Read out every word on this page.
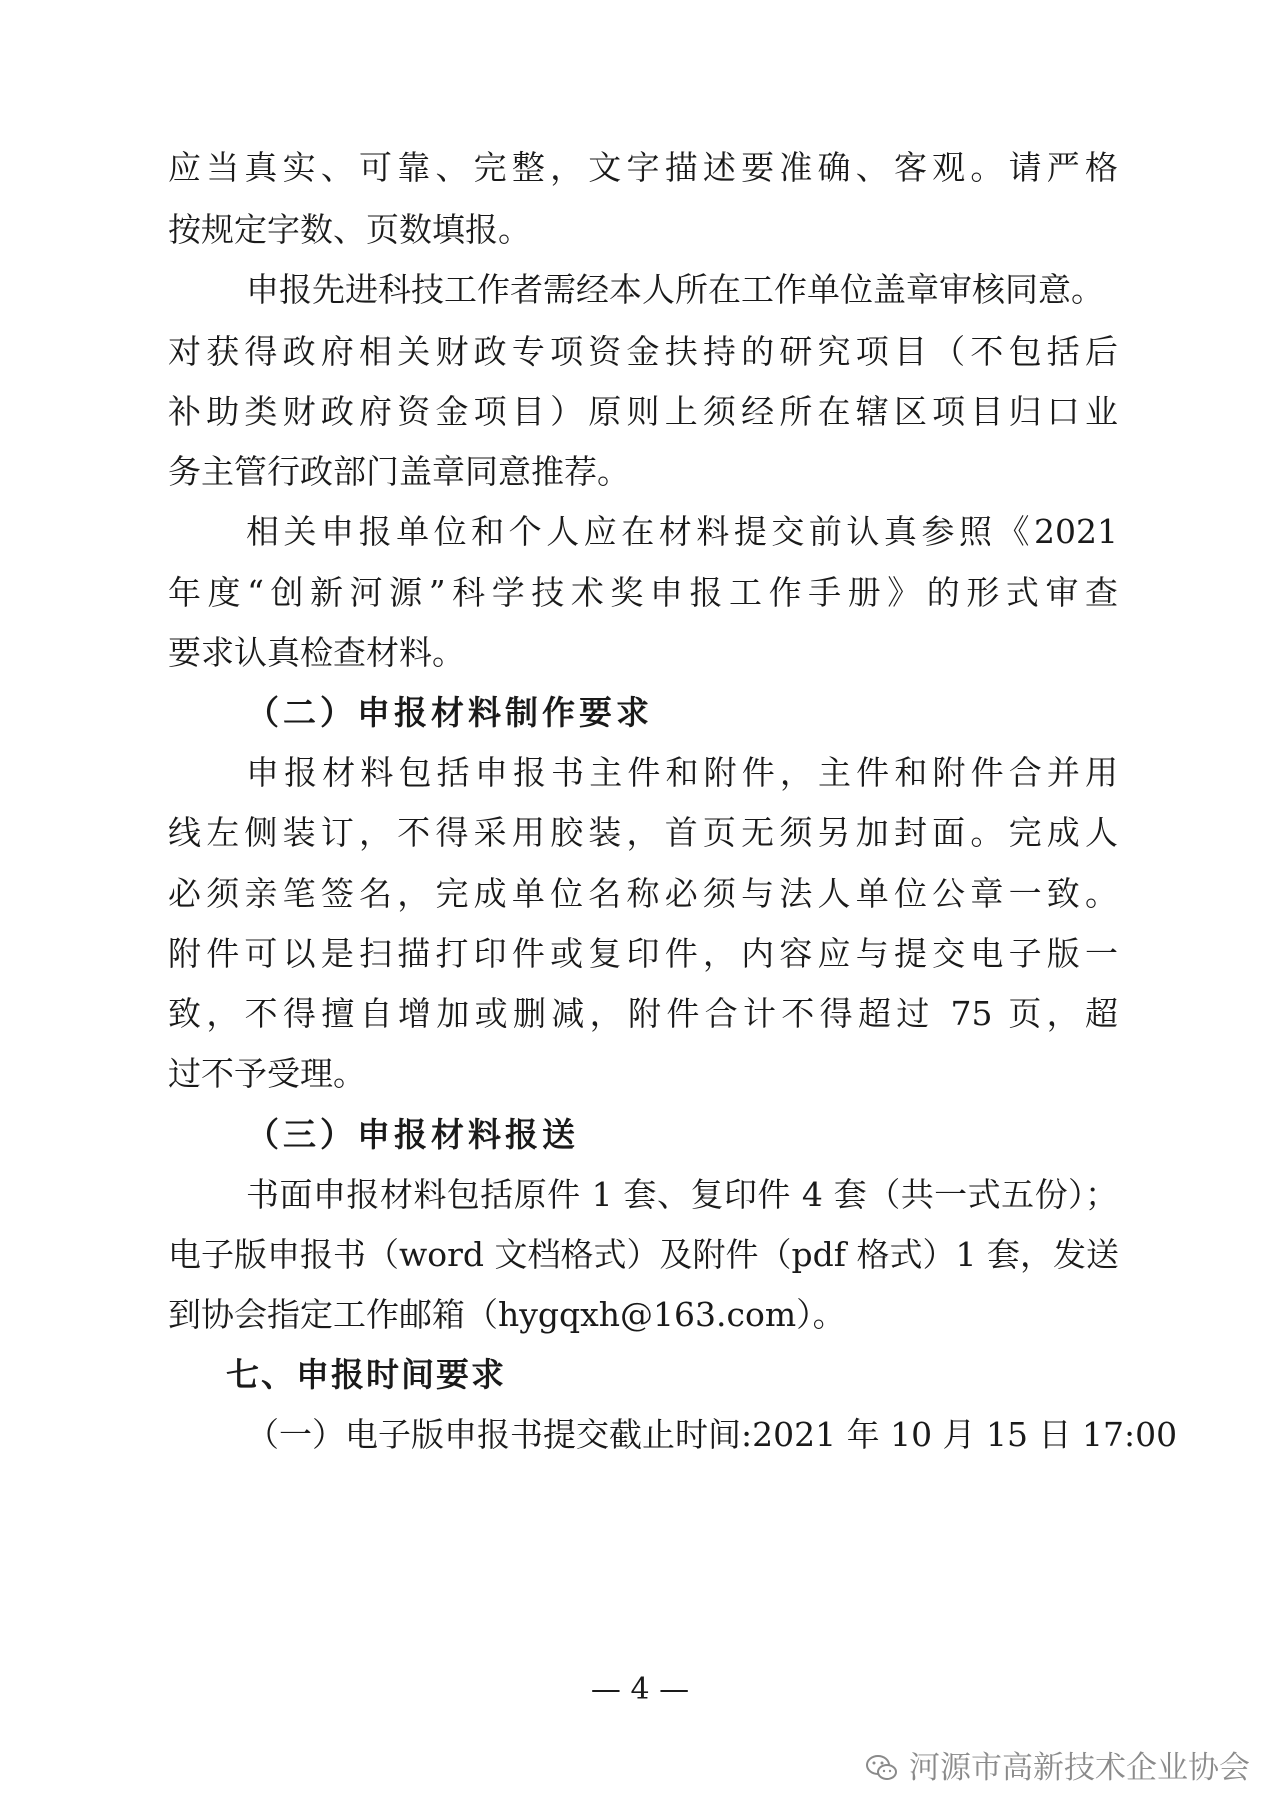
应当真实、可靠、完整，文字描述要准确、客观。请严格
按规定字数、页数填报。
申报先进科技工作者需经本人所在工作单位盖章审核同意。
对获得政府相关财政专项资金扶持的研究项目（不包括后
补助类财政府资金项目）原则上须经所在辖区项目归口业
务主管行政部门盖章同意推荐。
相关申报单位和个人应在材料提交前认真参照《2021
年度“创新河源”科学技术奖申报工作手册》的形式审查
要求认真检查材料。
（二）申报材料制作要求
申报材料包括申报书主件和附件，主件和附件合并用
线左侧装订，不得采用胶装，首页无须另加封面。完成人
必须亲笔签名，完成单位名称必须与法人单位公章一致。
附件可以是扫描打印件或复印件，内容应与提交电子版一
致，不得擅自增加或删减，附件合计不得超过 75 页，超
过不予受理。
（三）申报材料报送
书面申报材料包括原件 1 套、复印件 4 套（共一式五份）；
电子版申报书（word 文档格式）及附件（pdf 格式）1 套，发送
到协会指定工作邮箱（hygqxh@163.com）。
七、申报时间要求
（一）电子版申报书提交截止时间:2021 年 10 月 15 日 17:00
— 4 —
河源市高新技术企业协会
